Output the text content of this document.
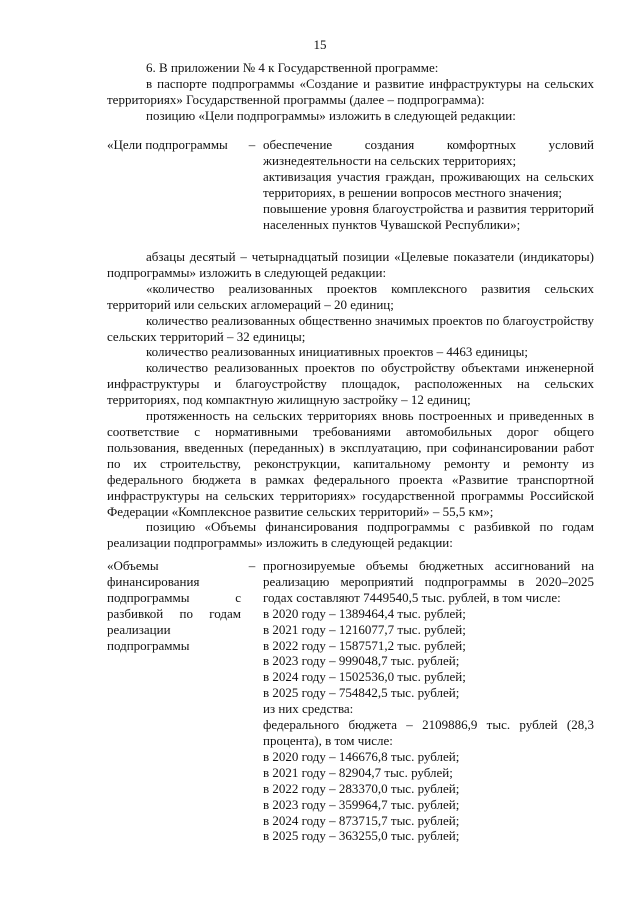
15

6. В приложении № 4 к Государственной программе:

в паспорте подпрограммы «Создание и развитие инфраструктуры на сельских территориях» Государственной программы (далее – подпрограмма):

позицию «Цели подпрограммы» изложить в следующей редакции:

«Цели подпрограммы	– обеспечение создания комфортных условий жизнедеятельности на сельских территориях;

активизация участия граждан, проживающих на сельских территориях, в решении вопросов местного значения;

повышение уровня благоустройства и развития территорий населенных пунктов Чувашской Республики»;

абзацы десятый – четырнадцатый позиции «Целевые показатели (индикаторы) подпрограммы» изложить в следующей редакции:

«количество реализованных проектов комплексного развития сельских территорий или сельских агломераций – 20 единиц;

количество реализованных общественно значимых проектов по благоустройству сельских территорий – 32 единицы;

количество реализованных инициативных проектов – 4463 единицы;

количество реализованных проектов по обустройству объектами инженерной инфраструктуры и благоустройству площадок, расположенных на сельских территориях, под компактную жилищную застройку – 12 единиц;

протяженность на сельских территориях вновь построенных и приведенных в соответствие с нормативными требованиями автомобильных дорог общего пользования, введенных (переданных) в эксплуатацию, при софинансировании работ по их строительству, реконструкции, капитальному ремонту и ремонту из федерального бюджета в рамках федерального проекта «Развитие транспортной инфраструктуры на сельских территориях» государственной программы Российской Федерации «Комплексное развитие сельских территорий» – 55,5 км»;

позицию «Объемы финансирования подпрограммы с разбивкой по годам реализации подпрограммы» изложить в следующей редакции:

«Объемы финансирования подпрограммы с разбивкой по годам реализации подпрограммы
– прогнозируемые объемы бюджетных ассигнований на реализацию мероприятий подпрограммы в 2020–2025 годах составляют 7449540,5 тыс. рублей, в том числе:

в 2020 году – 1389464,4 тыс. рублей;

в 2021 году – 1216077,7 тыс. рублей;

в 2022 году – 1587571,2 тыс. рублей;

в 2023 году – 999048,7 тыс. рублей;

в 2024 году – 1502536,0 тыс. рублей;

в 2025 году – 754842,5 тыс. рублей;

из них средства:

федерального бюджета – 2109886,9 тыс. рублей (28,3 процента), в том числе:

в 2020 году – 146676,8 тыс. рублей;

в 2021 году – 82904,7 тыс. рублей;

в 2022 году – 283370,0 тыс. рублей;

в 2023 году – 359964,7 тыс. рублей;

в 2024 году – 873715,7 тыс. рублей;

в 2025 году – 363255,0 тыс. рублей;
